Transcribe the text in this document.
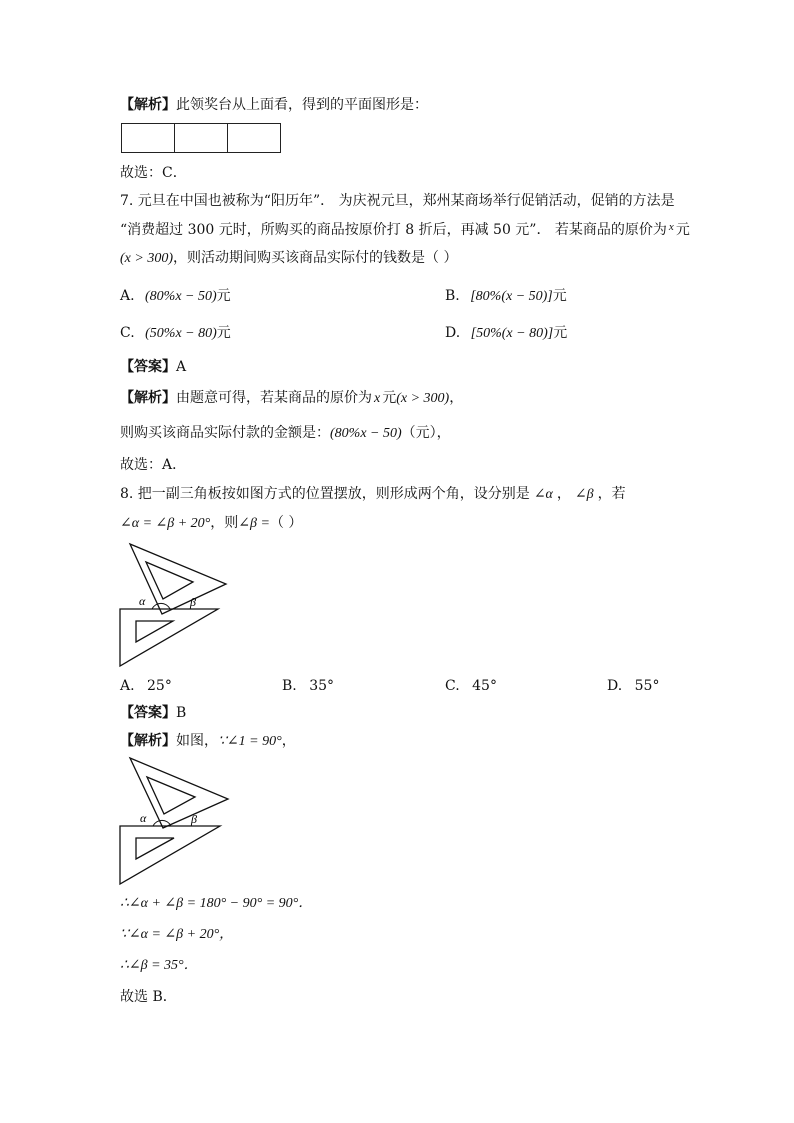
【解析】此领奖台从上面看，得到的平面图形是：
故选：C．
7. 元旦在中国也被称为“阳历年”． 为庆祝元旦，郑州某商场举行促销活动，促销的方法是
“消费超过 300 元时，所购买的商品按原价打 8 折后，再减 50 元”． 若某商品的原价为 $^x$ 元
(x > 300)，则活动期间购买该商品实际付的钱数是（ ）
A. (80%x − 50)元	B. [80%(x − 50)]元
C. (50%x − 80)元	D. [50%(x − 80)]元
【答案】A
【解析】由题意可得，若某商品的原价为 x 元(x > 300)，
则购买该商品实际付款的金额是：(80%x − 50)（元），
故选：A．
8. 把一副三角板按如图方式的位置摆放，则形成两个角，设分别是 ∠α ， ∠β ，若
∠α = ∠β + 20°，则∠β =（ ）
α	β
A. 25°	B. 35°	C. 45°	D. 55°
【答案】B
【解析】如图，∵∠1 = 90°，
α	β
∴∠α + ∠β = 180° − 90° = 90°．
∵∠α = ∠β + 20°，
∴∠β = 35°．
故选 B．
